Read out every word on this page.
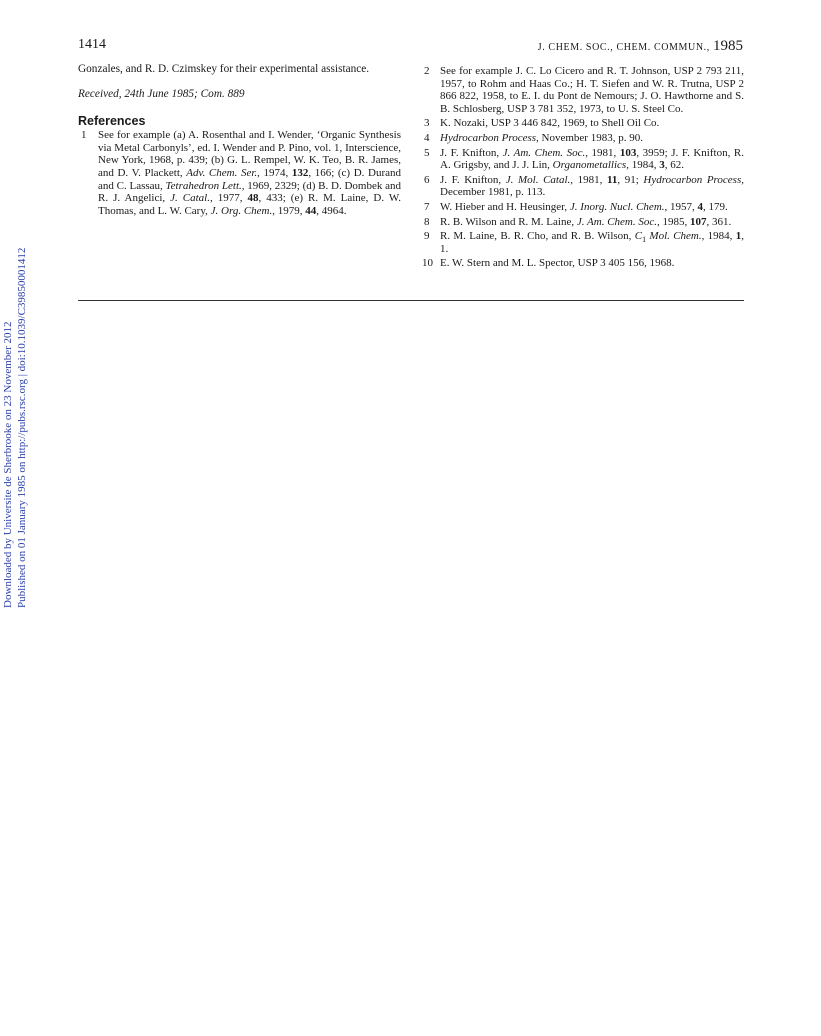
Downloaded by Universite de Sherbrooke on 23 November 2012 Published on 01 January 1985 on http://pubs.rsc.org | doi:10.1039/C39850001412
1414	J. CHEM. SOC., CHEM. COMMUN., 1985
Gonzales, and R. D. Czimskey for their experimental assistance.
Received, 24th June 1985; Com. 889
References
1 See for example (a) A. Rosenthal and I. Wender, ‘Organic Synthesis via Metal Carbonyls’, ed. I. Wender and P. Pino, vol. 1, Interscience, New York, 1968, p. 439; (b) G. L. Rempel, W. K. Teo, B. R. James, and D. V. Plackett, Adv. Chem. Ser., 1974, 132, 166; (c) D. Durand and C. Lassau, Tetrahedron Lett., 1969, 2329; (d) B. D. Dombek and R. J. Angelici, J. Catal., 1977, 48, 433; (e) R. M. Laine, D. W. Thomas, and L. W. Cary, J. Org. Chem., 1979, 44, 4964.
2 See for example J. C. Lo Cicero and R. T. Johnson, USP 2 793 211, 1957, to Rohm and Haas Co.; H. T. Siefen and W. R. Trutna, USP 2 866 822, 1958, to E. I. du Pont de Nemours; J. O. Hawthorne and S. B. Schlosberg, USP 3 781 352, 1973, to U. S. Steel Co.
3 K. Nozaki, USP 3 446 842, 1969, to Shell Oil Co.
4 Hydrocarbon Process, November 1983, p. 90.
5 J. F. Knifton, J. Am. Chem. Soc., 1981, 103, 3959; J. F. Knifton, R. A. Grigsby, and J. J. Lin, Organometallics, 1984, 3, 62.
6 J. F. Knifton, J. Mol. Catal., 1981, 11, 91; Hydrocarbon Process, December 1981, p. 113.
7 W. Hieber and H. Heusinger, J. Inorg. Nucl. Chem., 1957, 4, 179.
8 R. B. Wilson and R. M. Laine, J. Am. Chem. Soc., 1985, 107, 361.
9 R. M. Laine, B. R. Cho, and R. B. Wilson, $C_1$ Mol. Chem., 1984, 1, 1.
10 E. W. Stern and M. L. Spector, USP 3 405 156, 1968.
